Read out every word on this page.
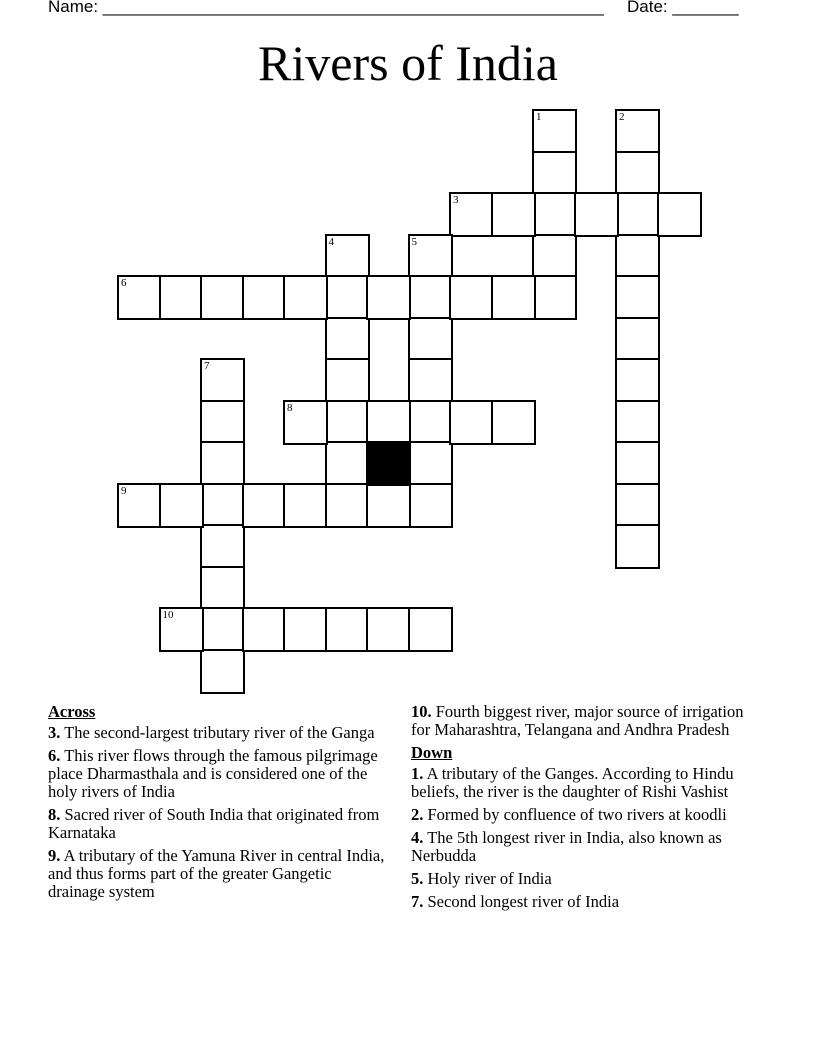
Name: _____________________________________________________ Date: _______
Rivers of India
1	2
3
4	5
6
7
8
9
10
Across
3. The second-largest tributary river of the Ganga
6. This river flows through the famous pilgrimage place Dharmasthala and is considered one of the holy rivers of India
8. Sacred river of South India that originated from Karnataka
9. A tributary of the Yamuna River in central India, and thus forms part of the greater Gangetic drainage system
10. Fourth biggest river, major source of irrigation for Maharashtra, Telangana and Andhra Pradesh
Down
1. A tributary of the Ganges. According to Hindu beliefs, the river is the daughter of Rishi Vashist
2. Formed by confluence of two rivers at koodli
4. The 5th longest river in India, also known as Nerbudda
5. Holy river of India
7. Second longest river of India
